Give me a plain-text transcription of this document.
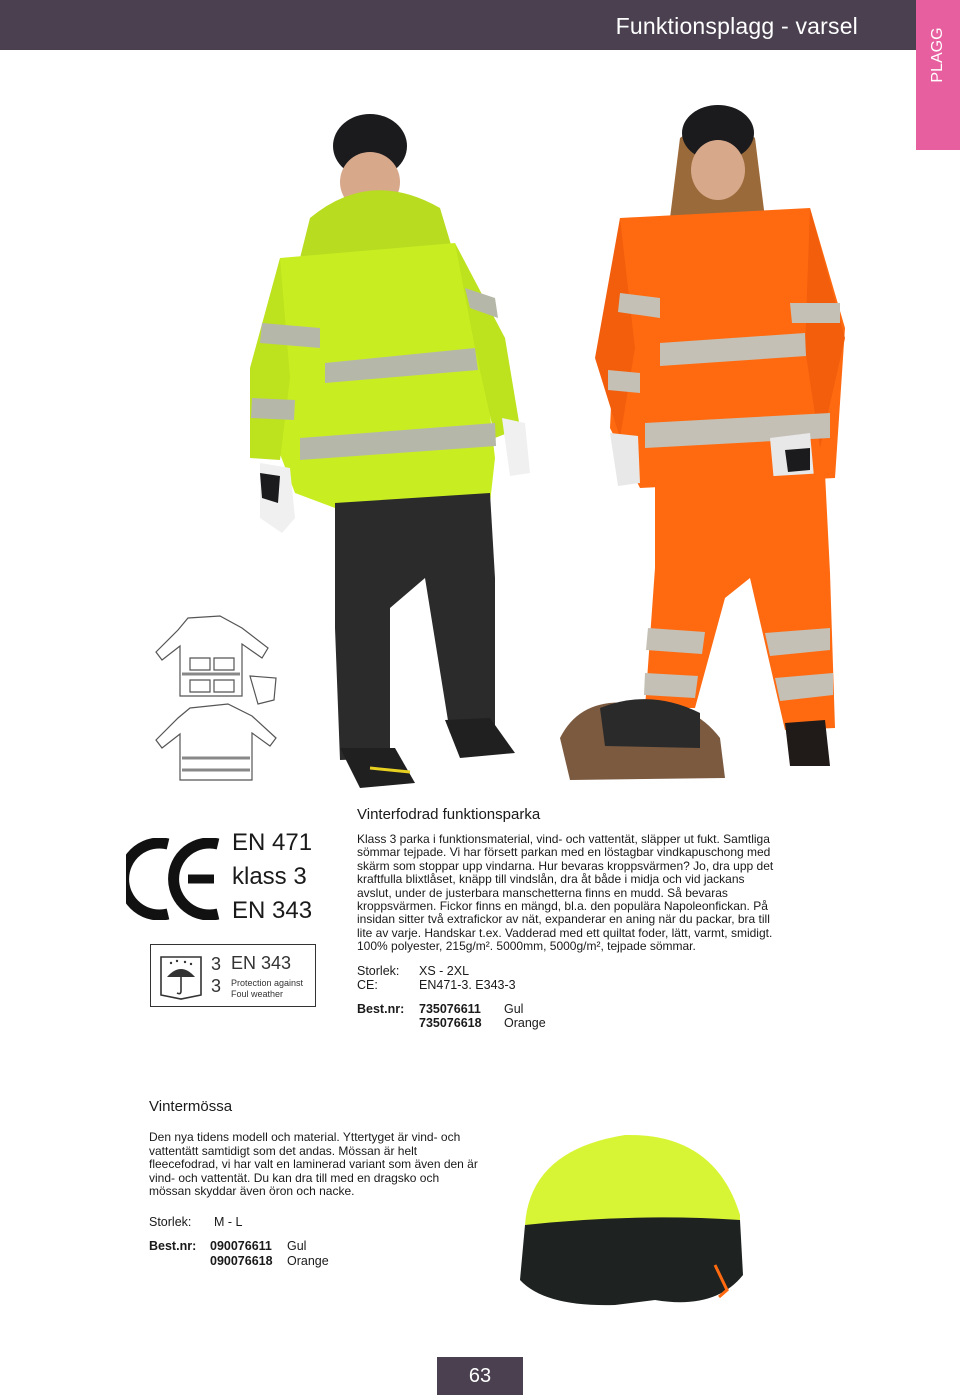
Funktionsplagg - varsel
PLAGG
EN 471
klass 3
EN 343
3
3
EN 343
Protection against
Foul weather
Vinterfodrad funktionsparka

Klass 3 parka i funktionsmaterial, vind- och vattentät, släpper ut fukt. Samtliga sömmar tejpade. Vi har försett parkan med en löstagbar vindkapuschong med skärm som stoppar upp vindarna. Hur bevaras kroppsvärmen? Jo, dra upp det kraftfulla blixtlåset, knäpp till vindslån, dra åt både i midja och vid jackans avslut, under de justerbara manschetterna finns en mudd. Så bevaras kroppsvärmen. Fickor finns en mängd, bl.a. den populära Napoleonfickan. På insidan sitter två extrafickor av nät, expanderar en aning när du packar, bra till lite av varje. Handskar t.ex. Vadderad med ett quiltat foder, lätt, varmt, smidigt. 100% polyester, 215g/m². 5000mm, 5000g/m², tejpade sömmar.

Storlek:	XS - 2XL
CE:	EN471-3. E343-3
Best.nr:	735076611	Gul
735076618	Orange
Vintermössa

Den nya tidens modell och material. Yttertyget är vind- och vattentätt samtidigt som det andas. Mössan är helt fleecefodrad, vi har valt en laminerad variant som även den är vind- och vattentät. Du kan dra till med en dragsko och mössan skyddar även öron och nacke.

Storlek:	M - L
Best.nr:	090076611	Gul
090076618	Orange
63
